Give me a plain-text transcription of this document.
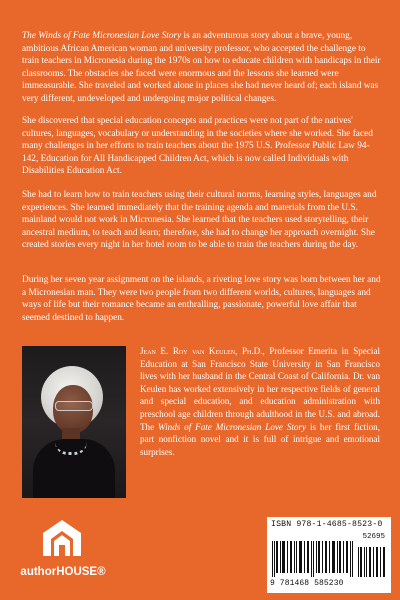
The Winds of Fate Micronesian Love Story is an adventurous story about a brave, young, ambitious African American woman and university professor, who accepted the challenge to train teachers in Micronesia during the 1970s on how to educate children with handicaps in their classrooms. The obstacles she faced were enormous and the lessons she learned were immeasurable. She traveled and worked alone in places she had never heard of; each island was very different, undeveloped and undergoing major political changes.

She discovered that special education concepts and practices were not part of the natives' cultures, languages, vocabulary or understanding in the societies where she worked. She faced many challenges in her efforts to train teachers about the 1975 U.S. Professor Public Law 94-142, Education for All Handicapped Children Act, which is now called Individuals with Disabilities Education Act.

She had to learn how to train teachers using their cultural norms, learning styles, languages and experiences. She learned immediately that the training agenda and materials from the U.S. mainland would not work in Micronesia. She learned that the teachers used storytelling, their ancestral medium, to teach and learn; therefore, she had to change her approach overnight. She created stories every night in her hotel room to be able to train the teachers during the day.

During her seven year assignment on the islands, a riveting love story was born between her and a Micronesian man. They were two people from two different worlds, cultures, languages and ways of life but their romance became an enthralling, passionate, powerful love affair that seemed destined to happen.

Jean E. Roy van Keulen, Ph.D., Professor Emerita in Special Education at San Francisco State University in San Francisco lives with her husband in the Central Coast of California. Dr. van Keulen has worked extensively in her respective fields of general and special education, and education administration with preschool age children through adulthood in the U.S. and abroad. The Winds of Fate Micronesian Love Story is her first fiction, part nonfiction novel and it is full of intrigue and emotional surprises.

authorHOUSE®
ISBN 978-1-4685-8523-0
52695
9 781468 585230
